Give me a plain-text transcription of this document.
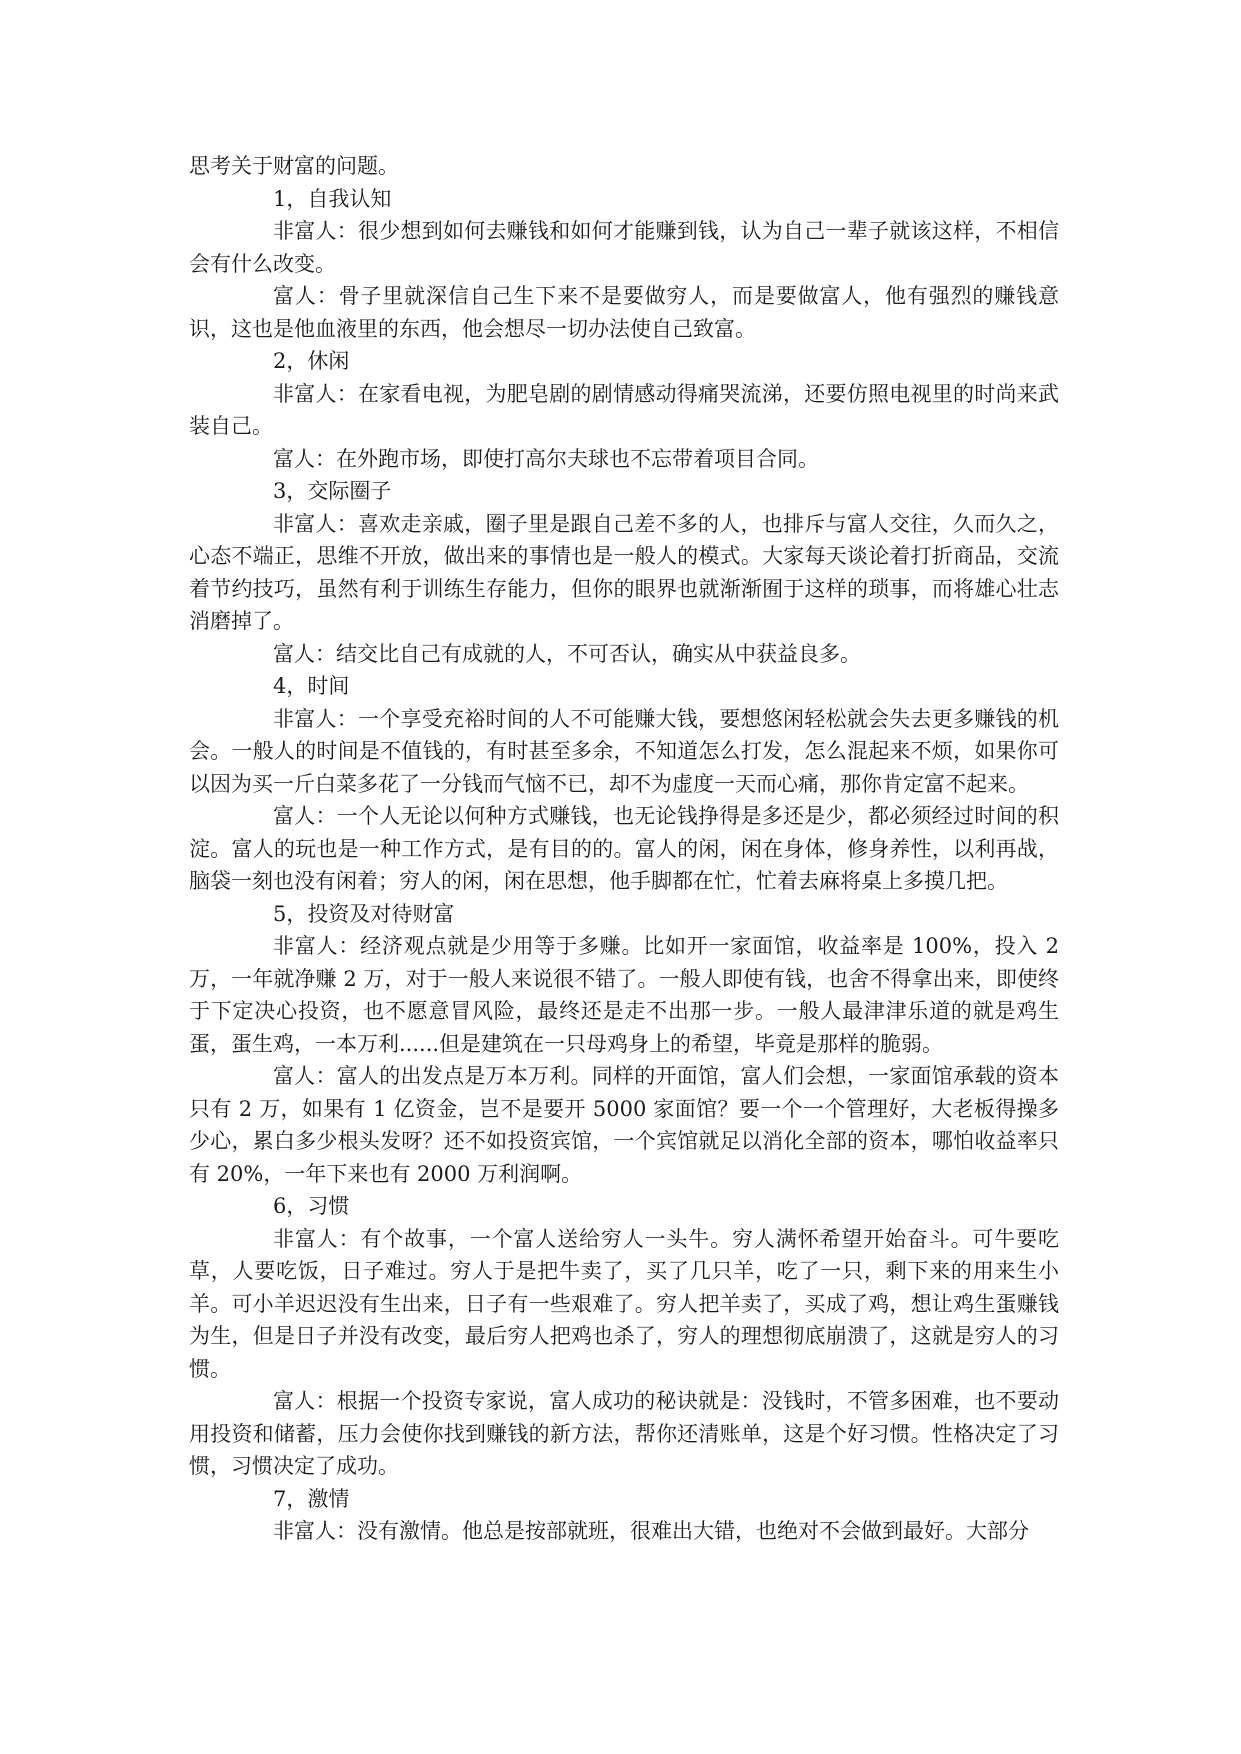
思考关于财富的问题。

1，自我认知

非富人：很少想到如何去赚钱和如何才能赚到钱，认为自己一辈子就该这样，不相信会有什么改变。

富人：骨子里就深信自己生下来不是要做穷人，而是要做富人，他有强烈的赚钱意识，这也是他血液里的东西，他会想尽一切办法使自己致富。

2，休闲

非富人：在家看电视，为肥皂剧的剧情感动得痛哭流涕，还要仿照电视里的时尚来武装自己。

富人：在外跑市场，即使打高尔夫球也不忘带着项目合同。

3，交际圈子

非富人：喜欢走亲戚，圈子里是跟自己差不多的人，也排斥与富人交往，久而久之，心态不端正，思维不开放，做出来的事情也是一般人的模式。大家每天谈论着打折商品，交流着节约技巧，虽然有利于训练生存能力，但你的眼界也就渐渐囿于这样的琐事，而将雄心壮志消磨掉了。

富人：结交比自己有成就的人，不可否认，确实从中获益良多。

4，时间

非富人：一个享受充裕时间的人不可能赚大钱，要想悠闲轻松就会失去更多赚钱的机会。一般人的时间是不值钱的，有时甚至多余，不知道怎么打发，怎么混起来不烦，如果你可以因为买一斤白菜多花了一分钱而气恼不已，却不为虚度一天而心痛，那你肯定富不起来。

富人：一个人无论以何种方式赚钱，也无论钱挣得是多还是少，都必须经过时间的积淀。富人的玩也是一种工作方式，是有目的的。富人的闲，闲在身体，修身养性，以利再战，脑袋一刻也没有闲着；穷人的闲，闲在思想，他手脚都在忙，忙着去麻将桌上多摸几把。

5，投资及对待财富

非富人：经济观点就是少用等于多赚。比如开一家面馆，收益率是 100%，投入 2 万，一年就净赚 2 万，对于一般人来说很不错了。一般人即使有钱，也舍不得拿出来，即使终于下定决心投资，也不愿意冒风险，最终还是走不出那一步。一般人最津津乐道的就是鸡生蛋，蛋生鸡，一本万利......但是建筑在一只母鸡身上的希望，毕竟是那样的脆弱。

富人：富人的出发点是万本万利。同样的开面馆，富人们会想，一家面馆承载的资本只有 2 万，如果有 1 亿资金，岂不是要开 5000 家面馆？要一个一个管理好，大老板得操多少心，累白多少根头发呀？还不如投资宾馆，一个宾馆就足以消化全部的资本，哪怕收益率只有 20%，一年下来也有 2000 万利润啊。

6，习惯

非富人：有个故事，一个富人送给穷人一头牛。穷人满怀希望开始奋斗。可牛要吃草，人要吃饭，日子难过。穷人于是把牛卖了，买了几只羊，吃了一只，剩下来的用来生小羊。可小羊迟迟没有生出来，日子有一些艰难了。穷人把羊卖了，买成了鸡，想让鸡生蛋赚钱为生，但是日子并没有改变，最后穷人把鸡也杀了，穷人的理想彻底崩溃了，这就是穷人的习惯。

富人：根据一个投资专家说，富人成功的秘诀就是：没钱时，不管多困难，也不要动用投资和储蓄，压力会使你找到赚钱的新方法，帮你还清账单，这是个好习惯。性格决定了习惯，习惯决定了成功。

7，激情

非富人：没有激情。他总是按部就班，很难出大错，也绝对不会做到最好。大部分
